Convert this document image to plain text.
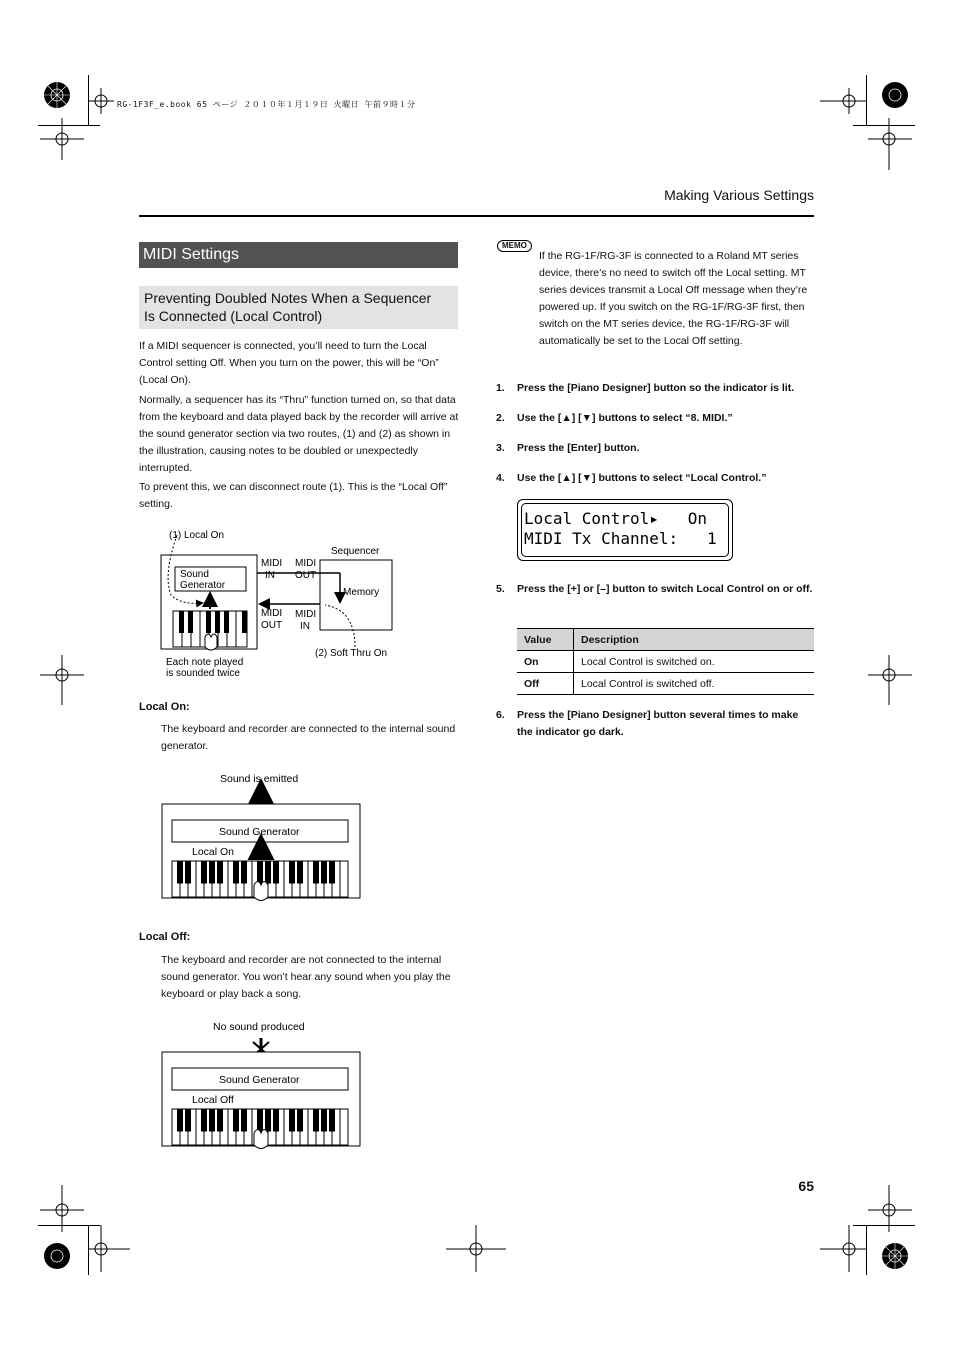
RG-1F3F_e.book 65 ページ ２０１０年１月１９日 火曜日 午前９時１分
Making Various Settings
MIDI Settings
Preventing Doubled Notes When a Sequencer
Is Connected (Local Control)
If a MIDI sequencer is connected, you’ll need to turn the Local Control setting Off. When you turn on the power, this will be “On” (Local On).
Normally, a sequencer has its “Thru” function turned on, so that data from the keyboard and data played back by the recorder will arrive at the sound generator section via two routes, (1) and (2) as shown in the illustration, causing notes to be doubled or unexpectedly interrupted.
To prevent this, we can disconnect route (1). This is the “Local Off” setting.
Sound
Generator
(1) Local On
Sequencer
MIDI
IN
MIDI
OUT
MIDI
OUT
MIDI
IN
Memory
(2) Soft Thru On
Each note played
is sounded twice
Local On:
The keyboard and recorder are connected to the internal sound generator.
Sound is emitted
Sound Generator
Local On
Local Off:
The keyboard and recorder are not connected to the internal sound generator. You won’t hear any sound when you play the keyboard or play back a song.
No sound produced
Sound Generator
Local Off
MEMO
If the RG-1F/RG-3F is connected to a Roland MT series device, there’s no need to switch off the Local setting. MT series devices transmit a Local Off message when they’re powered up. If you switch on the RG-1F/RG-3F first, then switch on the MT series device, the RG-1F/RG-3F will automatically be set to the Local Off setting.
1. Press the [Piano Designer] button so the indicator is lit.
2. Use the [▲] [▼] buttons to select “8. MIDI.”
3. Press the [Enter] button.
4. Use the [▲] [▼] buttons to select “Local Control.”
Local Control▸   On
MIDI Tx Channel:   1
5. Press the [+] or [–] button to switch Local Control on or off.
Value	Description
On	Local Control is switched on.
Off	Local Control is switched off.
6. Press the [Piano Designer] button several times to make the indicator go dark.
65
